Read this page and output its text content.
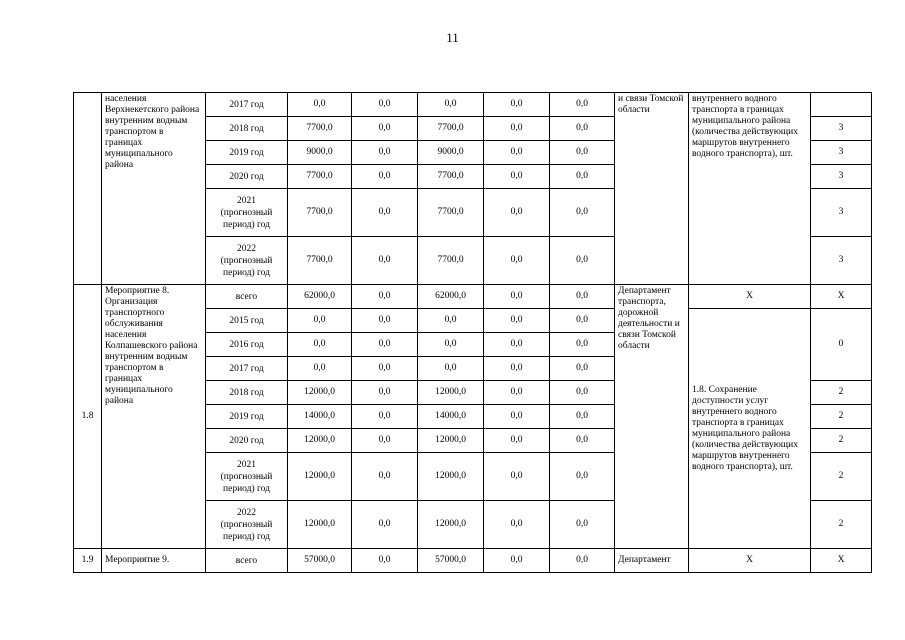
11
	населения Верхнекетского района внутренним водным транспортом в границах муниципального района	2017 год	0,0	0,0	0,0	0,0	0,0	и связи Томской области	внутреннего водного транспорта в границах муниципального района (количества действующих маршрутов внутреннего водного транспорта), шт.	
		2018 год	7700,0	0,0	7700,0	0,0	0,0			3
		2019 год	9000,0	0,0	9000,0	0,0	0,0			3
		2020 год	7700,0	0,0	7700,0	0,0	0,0			3
		2021
(прогнозный
период) год	7700,0	0,0	7700,0	0,0	0,0			3
		2022
(прогнозный
период) год	7700,0	0,0	7700,0	0,0	0,0			3
1.8	Мероприятие 8. Организация транспортного обслуживания населения Колпашевского района внутренним водным транспортом в границах муниципального района	всего	62000,0	0,0	62000,0	0,0	0,0	Департамент транспорта, дорожной деятельности и связи Томской области	X	X
		2015 год	0,0	0,0	0,0	0,0	0,0		1.8. Сохранение доступности услуг внутреннего водного транспорта в границах муниципального района (количества действующих маршрутов внутреннего водного транспорта), шт.	0
		2016 год	0,0	0,0	0,0	0,0	0,0			
		2017 год	0,0	0,0	0,0	0,0	0,0			
		2018 год	12000,0	0,0	12000,0	0,0	0,0			2
		2019 год	14000,0	0,0	14000,0	0,0	0,0			2
		2020 год	12000,0	0,0	12000,0	0,0	0,0			2
		2021
(прогнозный
период) год	12000,0	0,0	12000,0	0,0	0,0			2
		2022
(прогнозный
период) год	12000,0	0,0	12000,0	0,0	0,0			2
1.9	Мероприятие 9.	всего	57000,0	0,0	57000,0	0,0	0,0	Департамент	X	X
